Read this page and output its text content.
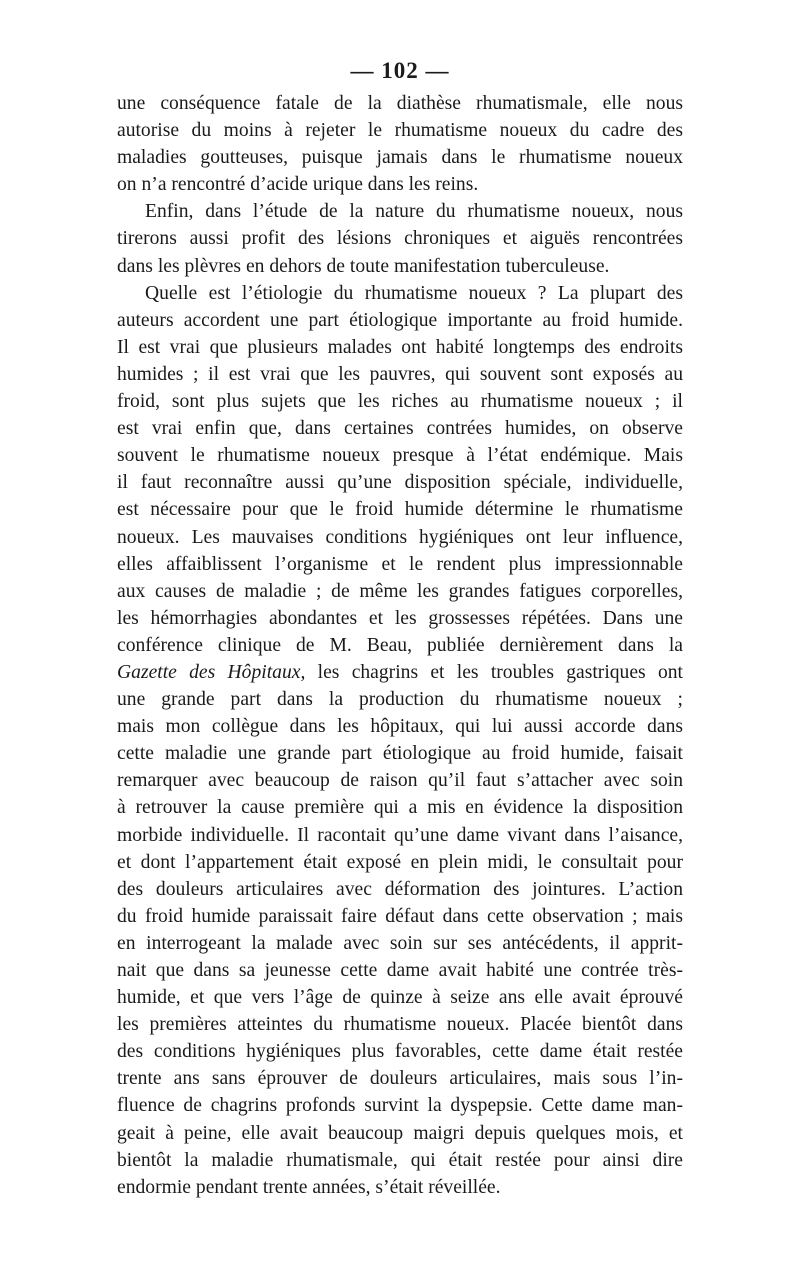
— 102 —
une conséquence fatale de la diathèse rhumatismale, elle nous
autorise du moins à rejeter le rhumatisme noueux du cadre des
maladies goutteuses, puisque jamais dans le rhumatisme noueux
on n’a rencontré d’acide urique dans les reins.
Enfin, dans l’étude de la nature du rhumatisme noueux, nous
tirerons aussi profit des lésions chroniques et aiguës rencontrées
dans les plèvres en dehors de toute manifestation tuberculeuse.
Quelle est l’étiologie du rhumatisme noueux ? La plupart des
auteurs accordent une part étiologique importante au froid humide.
Il est vrai que plusieurs malades ont habité longtemps des endroits
humides ; il est vrai que les pauvres, qui souvent sont exposés au
froid, sont plus sujets que les riches au rhumatisme noueux ; il
est vrai enfin que, dans certaines contrées humides, on observe
souvent le rhumatisme noueux presque à l’état endémique. Mais
il faut reconnaître aussi qu’une disposition spéciale, individuelle,
est nécessaire pour que le froid humide détermine le rhumatisme
noueux. Les mauvaises conditions hygiéniques ont leur influence,
elles affaiblissent l’organisme et le rendent plus impressionnable
aux causes de maladie ; de même les grandes fatigues corporelles,
les hémorrhagies abondantes et les grossesses répétées. Dans une
conférence clinique de M. Beau, publiée dernièrement dans la
Gazette des Hôpitaux, les chagrins et les troubles gastriques ont
une grande part dans la production du rhumatisme noueux ;
mais mon collègue dans les hôpitaux, qui lui aussi accorde dans
cette maladie une grande part étiologique au froid humide, faisait
remarquer avec beaucoup de raison qu’il faut s’attacher avec soin
à retrouver la cause première qui a mis en évidence la disposition
morbide individuelle. Il racontait qu’une dame vivant dans l’aisance,
et dont l’appartement était exposé en plein midi, le consultait pour
des douleurs articulaires avec déformation des jointures. L’action
du froid humide paraissait faire défaut dans cette observation ; mais
en interrogeant la malade avec soin sur ses antécédents, il apprit-
nait que dans sa jeunesse cette dame avait habité une contrée très-
humide, et que vers l’âge de quinze à seize ans elle avait éprouvé
les premières atteintes du rhumatisme noueux. Placée bientôt dans
des conditions hygiéniques plus favorables, cette dame était restée
trente ans sans éprouver de douleurs articulaires, mais sous l’in-
fluence de chagrins profonds survint la dyspepsie. Cette dame man-
geait à peine, elle avait beaucoup maigri depuis quelques mois, et
bientôt la maladie rhumatismale, qui était restée pour ainsi dire
endormie pendant trente années, s’était réveillée.
